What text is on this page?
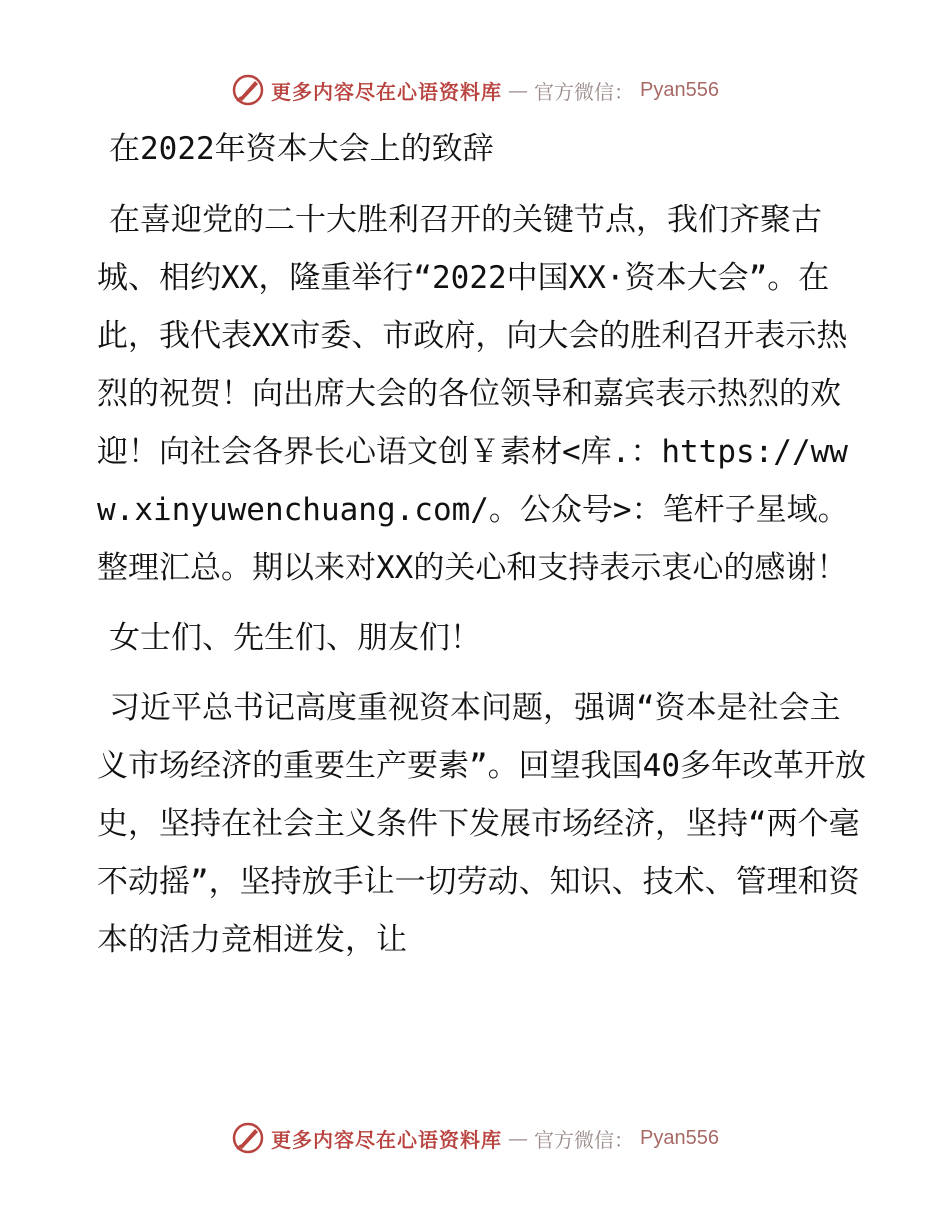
更多内容尽在心语资料库 — 官方微信： Pyan556

在2022年资本大会上的致辞

在喜迎党的二十大胜利召开的关键节点，我们齐聚古城、相约XX，隆重举行“2022中国XX·资本大会”。在此，我代表XX市委、市政府，向大会的胜利召开表示热烈的祝贺！向出席大会的各位领导和嘉宾表示热烈的欢迎！向社会各界长心语文创￥素材<库.：https://www.xinyuwenchuang.com/。公众号>：笔杆子星域。整理汇总。期以来对XX的关心和支持表示衷心的感谢！

女士们、先生们、朋友们！

习近平总书记高度重视资本问题，强调“资本是社会主义市场经济的重要生产要素”。回望我国40多年改革开放史，坚持在社会主义条件下发展市场经济，坚持“两个毫不动摇”，坚持放手让一切劳动、知识、技术、管理和资本的活力竞相迸发，让

更多内容尽在心语资料库 — 官方微信： Pyan556
